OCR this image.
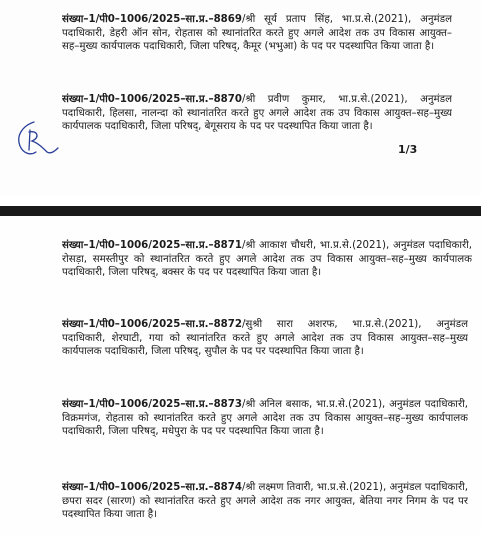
संख्या–1/पी0–1006/2025–सा.प्र.–8869/श्री सूर्य प्रताप सिंह, भा.प्र.से.(2021), अनुमंडल पदाधिकारी, डेहरी ऑन सोन, रोहतास को स्थानांतरित करते हुए अगले आदेश तक उप विकास आयुक्त–सह–मुख्य कार्यपालक पदाधिकारी, जिला परिषद्, कैमूर (भभुआ) के पद पर पदस्थापित किया जाता है।

संख्या–1/पी0–1006/2025–सा.प्र.–8870/श्री प्रवीण कुमार, भा.प्र.से.(2021), अनुमंडल पदाधिकारी, हिलसा, नालन्दा को स्थानांतरित करते हुए अगले आदेश तक उप विकास आयुक्त–सह–मुख्य कार्यपालक पदाधिकारी, जिला परिषद्, बेगूसराय के पद पर पदस्थापित किया जाता है।

1/3

संख्या–1/पी0–1006/2025–सा.प्र.–8871/श्री आकाश चौधरी, भा.प्र.से.(2021), अनुमंडल पदाधिकारी, रोसड़ा, समस्तीपुर को स्थानांतरित करते हुए अगले आदेश तक उप विकास आयुक्त–सह–मुख्य कार्यपालक पदाधिकारी, जिला परिषद्, बक्सर के पद पर पदस्थापित किया जाता है।

संख्या–1/पी0–1006/2025–सा.प्र.–8872/सुश्री सारा अशरफ, भा.प्र.से.(2021), अनुमंडल पदाधिकारी, शेरघाटी, गया को स्थानांतरित करते हुए अगले आदेश तक उप विकास आयुक्त–सह–मुख्य कार्यपालक पदाधिकारी, जिला परिषद्, सुपौल के पद पर पदस्थापित किया जाता है।

संख्या–1/पी0–1006/2025–सा.प्र.–8873/श्री अनिल बसाक, भा.प्र.से.(2021), अनुमंडल पदाधिकारी, विक्रमगंज, रोहतास को स्थानांतरित करते हुए अगले आदेश तक उप विकास आयुक्त–सह–मुख्य कार्यपालक पदाधिकारी, जिला परिषद्, मधेपुरा के पद पर पदस्थापित किया जाता है।

संख्या–1/पी0–1006/2025–सा.प्र.–8874/श्री लक्ष्मण तिवारी, भा.प्र.से.(2021), अनुमंडल पदाधिकारी, छपरा सदर (सारण) को स्थानांतरित करते हुए अगले आदेश तक नगर आयुक्त, बेतिया नगर निगम के पद पर पदस्थापित किया जाता है।
